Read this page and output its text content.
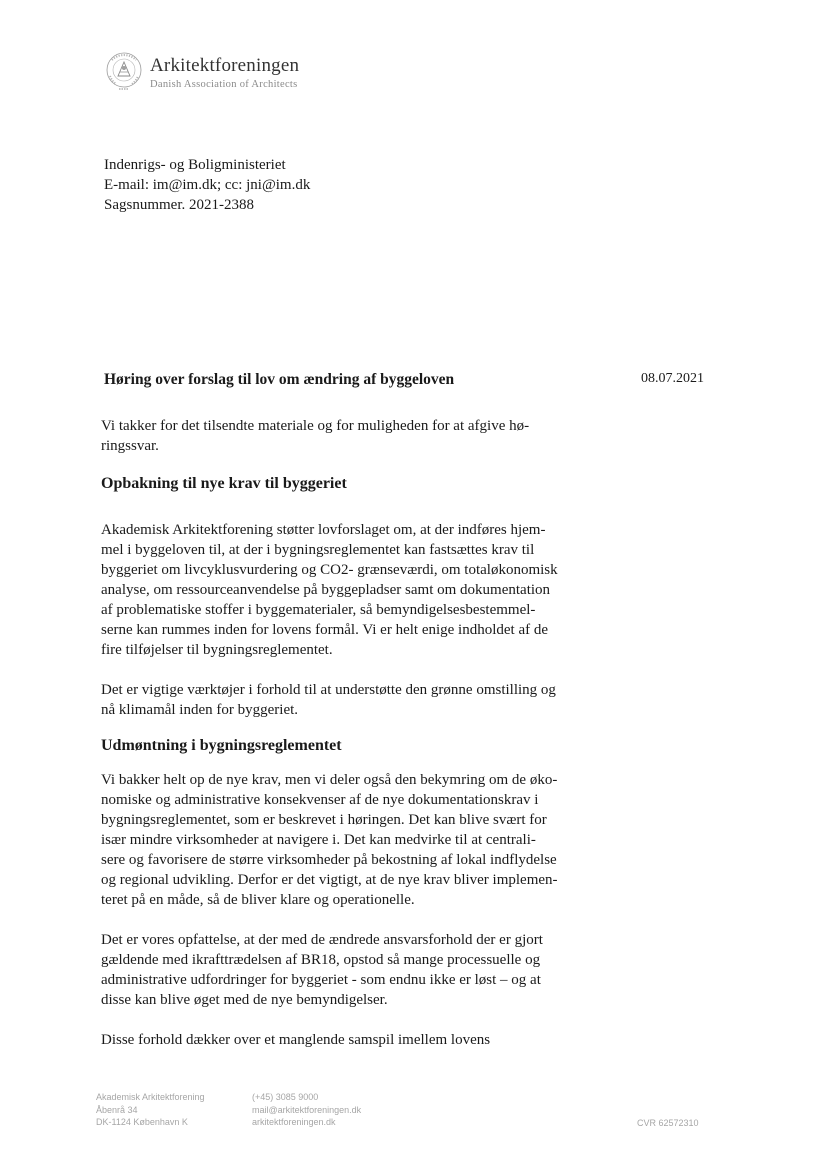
Arkitektforeningen
Danish Association of Architects
Indenrigs- og Boligministeriet
E-mail: im@im.dk; cc: jni@im.dk
Sagsnummer. 2021-2388
Høring over forslag til lov om ændring af byggeloven	08.07.2021
Vi takker for det tilsendte materiale og for muligheden for at afgive hø-
ringssvar.
Opbakning til nye krav til byggeriet
Akademisk Arkitektforening støtter lovforslaget om, at der indføres hjem-
mel i byggeloven til, at der i bygningsreglementet kan fastsættes krav til
byggeriet om livcyklusvurdering og CO2- grænseværdi, om totaløkonomisk
analyse, om ressourceanvendelse på byggepladser samt om dokumentation
af problematiske stoffer i byggematerialer, så bemyndigelsesbestemmel-
serne kan rummes inden for lovens formål. Vi er helt enige indholdet af de
fire tilføjelser til bygningsreglementet.
Det er vigtige værktøjer i forhold til at understøtte den grønne omstilling og
nå klimamål inden for byggeriet.
Udmøntning i bygningsreglementet
Vi bakker helt op de nye krav, men vi deler også den bekymring om de øko-
nomiske og administrative konsekvenser af de nye dokumentationskrav i
bygningsreglementet, som er beskrevet i høringen. Det kan blive svært for
især mindre virksomheder at navigere i. Det kan medvirke til at centrali-
sere og favorisere de større virksomheder på bekostning af lokal indflydelse
og regional udvikling. Derfor er det vigtigt, at de nye krav bliver implemen-
teret på en måde, så de bliver klare og operationelle.
Det er vores opfattelse, at der med de ændrede ansvarsforhold der er gjort
gældende med ikrafttrædelsen af BR18, opstod så mange processuelle og
administrative udfordringer for byggeriet - som endnu ikke er løst – og at
disse kan blive øget med de nye bemyndigelser.
Disse forhold dækker over et manglende samspil imellem lovens
Akademisk Arkitektforening
Åbenrå 34
DK-1124 København K
(+45) 3085 9000
mail@arkitektforeningen.dk
arkitektforeningen.dk	CVR 62572310
